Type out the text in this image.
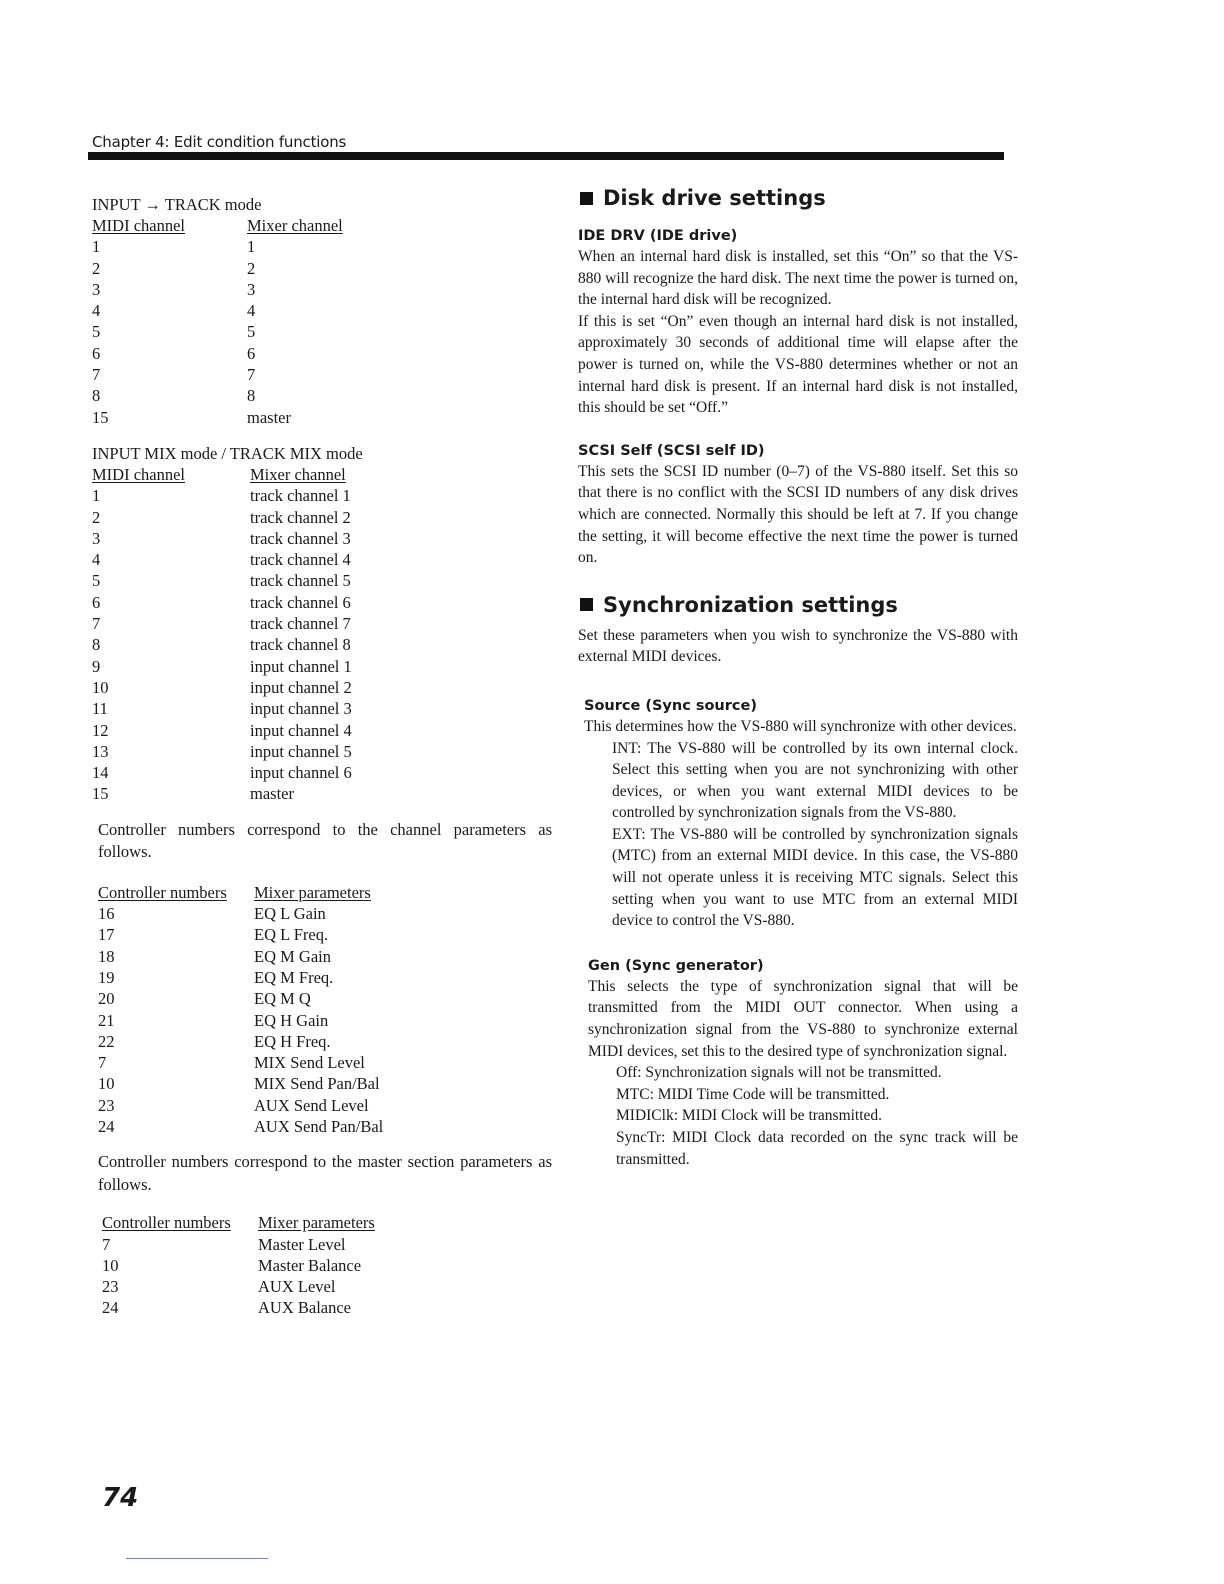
Chapter 4: Edit condition functions
INPUT → TRACK mode
MIDI channel	Mixer channel
1	1
2	2
3	3
4	4
5	5
6	6
7	7
8	8
15	master
INPUT MIX mode / TRACK MIX mode
MIDI channel	Mixer channel
1	track channel 1
2	track channel 2
3	track channel 3
4	track channel 4
5	track channel 5
6	track channel 6
7	track channel 7
8	track channel 8
9	input channel 1
10	input channel 2
11	input channel 3
12	input channel 4
13	input channel 5
14	input channel 6
15	master
Controller numbers correspond to the channel parameters as follows.
Controller numbers	Mixer parameters
16	EQ L Gain
17	EQ L Freq.
18	EQ M Gain
19	EQ M Freq.
20	EQ M Q
21	EQ H Gain
22	EQ H Freq.
7	MIX Send Level
10	MIX Send Pan/Bal
23	AUX Send Level
24	AUX Send Pan/Bal
Controller numbers correspond to the master section parameters as follows.
Controller numbers	Mixer parameters
7	Master Level
10	Master Balance
23	AUX Level
24	AUX Balance
Disk drive settings
IDE DRV (IDE drive)
When an internal hard disk is installed, set this “On” so that the VS-880 will recognize the hard disk. The next time the power is turned on, the internal hard disk will be recognized.
If this is set “On” even though an internal hard disk is not installed, approximately 30 seconds of additional time will elapse after the power is turned on, while the VS-880 determines whether or not an internal hard disk is present. If an internal hard disk is not installed, this should be set “Off.”
SCSI Self (SCSI self ID)
This sets the SCSI ID number (0–7) of the VS-880 itself. Set this so that there is no conflict with the SCSI ID numbers of any disk drives which are connected. Normally this should be left at 7. If you change the setting, it will become effective the next time the power is turned on.
Synchronization settings
Set these parameters when you wish to synchronize the VS-880 with external MIDI devices.
Source (Sync source)
This determines how the VS-880 will synchronize with other devices.
INT: The VS-880 will be controlled by its own internal clock. Select this setting when you are not synchronizing with other devices, or when you want external MIDI devices to be controlled by synchronization signals from the VS-880.
EXT: The VS-880 will be controlled by synchronization signals (MTC) from an external MIDI device. In this case, the VS-880 will not operate unless it is receiving MTC signals. Select this setting when you want to use MTC from an external MIDI device to control the VS-880.
Gen (Sync generator)
This selects the type of synchronization signal that will be transmitted from the MIDI OUT connector. When using a synchronization signal from the VS-880 to synchronize external MIDI devices, set this to the desired type of synchronization signal.
Off: Synchronization signals will not be transmitted.
MTC: MIDI Time Code will be transmitted.
MIDIClk: MIDI Clock will be transmitted.
SyncTr: MIDI Clock data recorded on the sync track will be transmitted.
74
